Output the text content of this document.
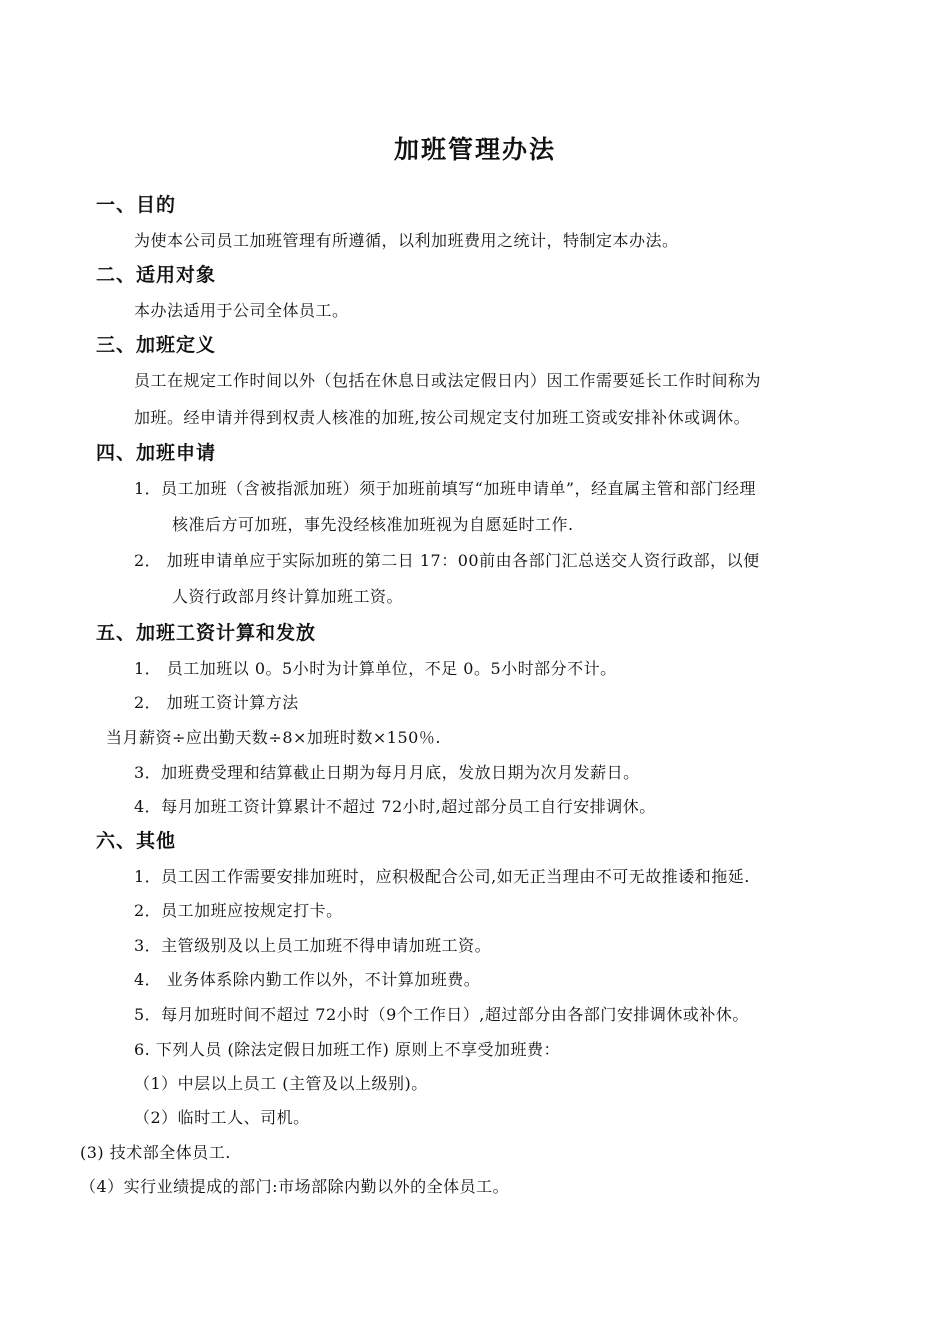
加班管理办法
一、目的
为使本公司员工加班管理有所遵循，以利加班费用之统计，特制定本办法。
二、适用对象
本办法适用于公司全体员工。
三、加班定义
员工在规定工作时间以外（包括在休息日或法定假日内）因工作需要延长工作时间称为
加班。经申请并得到权责人核准的加班,按公司规定支付加班工资或安排补休或调休。
四、加班申请
1．员工加班（含被指派加班）须于加班前填写“加班申请单”，经直属主管和部门经理
核准后方可加班，事先没经核准加班视为自愿延时工作.
2． 加班申请单应于实际加班的第二日 17：00前由各部门汇总送交人资行政部，以便
人资行政部月终计算加班工资。
五、加班工资计算和发放
1． 员工加班以 0。5小时为计算单位，不足 0。5小时部分不计。
2． 加班工资计算方法
当月薪资÷应出勤天数÷8×加班时数×150％.
3．加班费受理和结算截止日期为每月月底，发放日期为次月发薪日。
4．每月加班工资计算累计不超过 72小时,超过部分员工自行安排调休。
六、其他
1．员工因工作需要安排加班时，应积极配合公司,如无正当理由不可无故推诿和拖延.
2．员工加班应按规定打卡。
3．主管级别及以上员工加班不得申请加班工资。
4． 业务体系除内勤工作以外，不计算加班费。
5．每月加班时间不超过 72小时（9个工作日）,超过部分由各部门安排调休或补休。
6. 下列人员 (除法定假日加班工作) 原则上不享受加班费：
（1）中层以上员工 (主管及以上级别)。
（2）临时工人、司机。
(3) 技术部全体员工.
（4）实行业绩提成的部门:市场部除内勤以外的全体员工。
